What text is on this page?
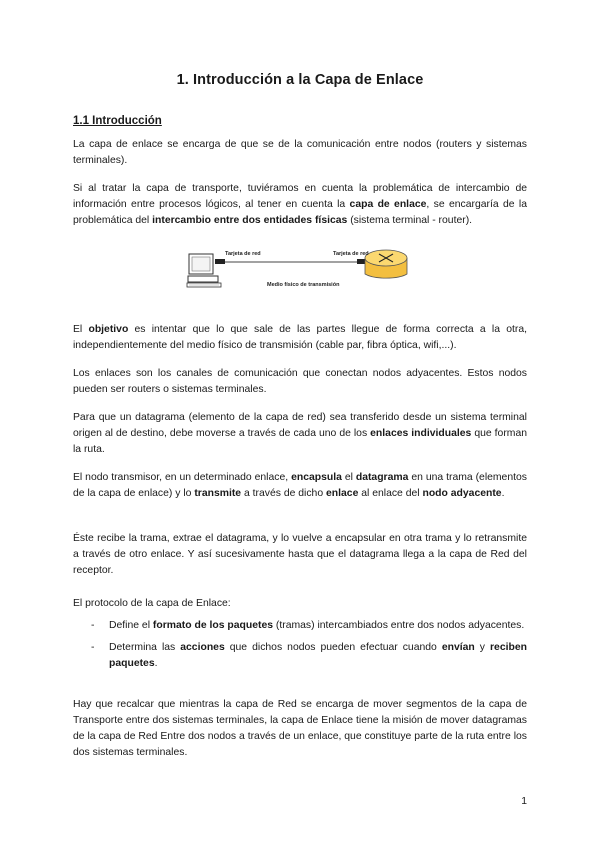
1. Introducción a la Capa de Enlace
1.1 Introducción

La capa de enlace se encarga de que se de la comunicación entre nodos (routers y sistemas terminales).

Si al tratar la capa de transporte, tuviéramos en cuenta la problemática de intercambio de información entre procesos lógicos, al tener en cuenta la capa de enlace, se encargaría de la problemática del intercambio entre dos entidades físicas (sistema terminal - router).

Tarjeta de red	Tarjeta de red
Medio físico de transmisión

El objetivo es intentar que lo que sale de las partes llegue de forma correcta a la otra, independientemente del medio físico de transmisión (cable par, fibra óptica, wifi,...).

Los enlaces son los canales de comunicación que conectan nodos adyacentes. Estos nodos pueden ser routers o sistemas terminales.

Para que un datagrama (elemento de la capa de red) sea transferido desde un sistema terminal origen al de destino, debe moverse a través de cada uno de los enlaces individuales que forman la ruta.

El nodo transmisor, en un determinado enlace, encapsula el datagrama en una trama (elementos de la capa de enlace) y lo transmite a través de dicho enlace al enlace del nodo adyacente.

Éste recibe la trama, extrae el datagrama, y lo vuelve a encapsular en otra trama y lo retransmite a través de otro enlace. Y así sucesivamente hasta que el datagrama llega a la capa de Red del receptor.

El protocolo de la capa de Enlace:

- Define el formato de los paquetes (tramas) intercambiados entre dos nodos adyacentes.

- Determina las acciones que dichos nodos pueden efectuar cuando envían y reciben paquetes.

Hay que recalcar que mientras la capa de Red se encarga de mover segmentos de la capa de Transporte entre dos sistemas terminales, la capa de Enlace tiene la misión de mover datagramas de la capa de Red Entre dos nodos a través de un enlace, que constituye parte de la ruta entre los dos sistemas terminales.

1
